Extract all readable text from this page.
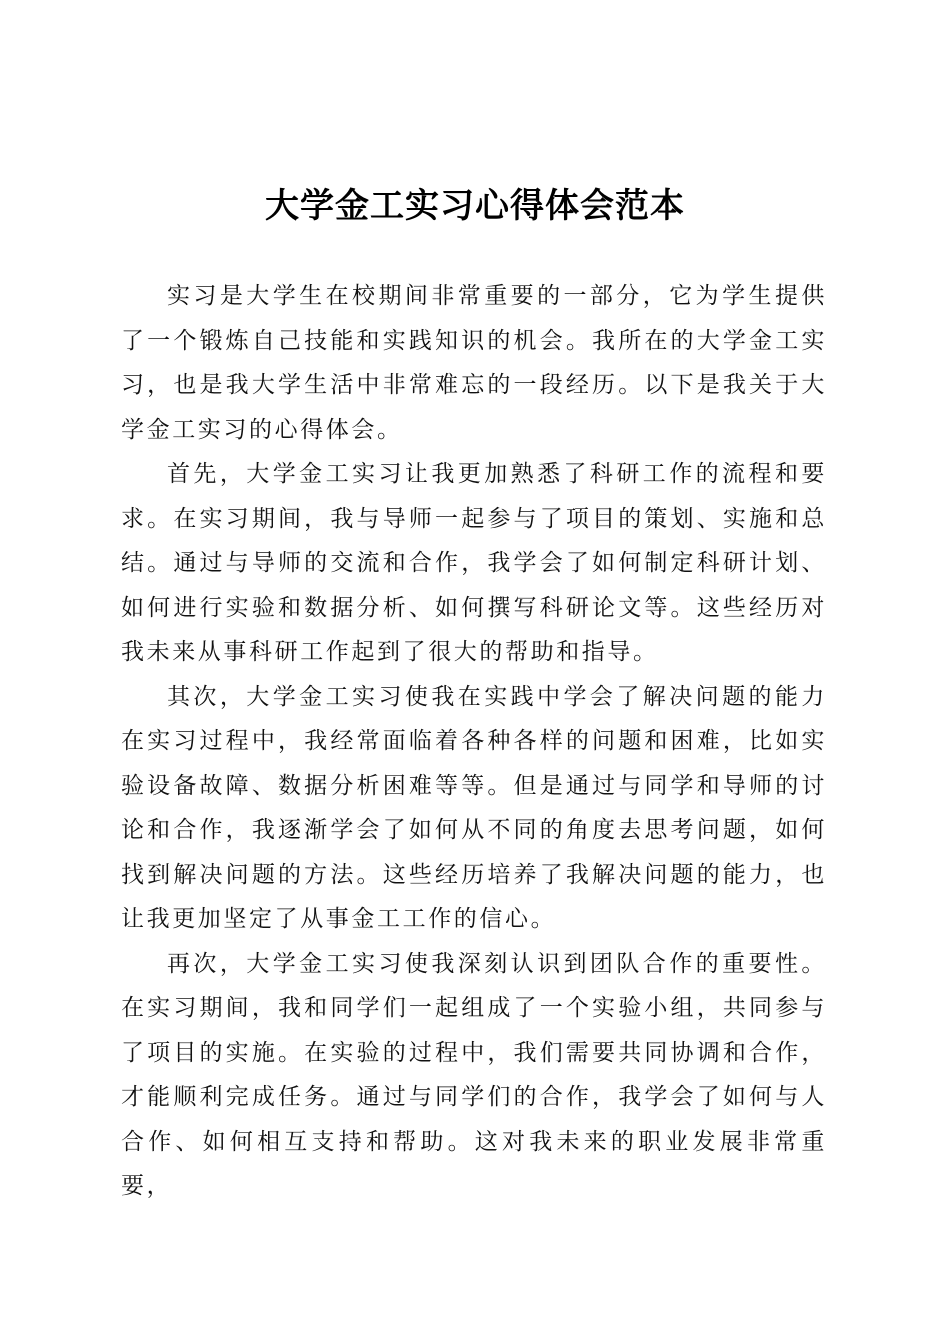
大学金工实习心得体会范本

实习是大学生在校期间非常重要的一部分，它为学生提供了一个锻炼自己技能和实践知识的机会。我所在的大学金工实习，也是我大学生活中非常难忘的一段经历。以下是我关于大学金工实习的心得体会。

首先，大学金工实习让我更加熟悉了科研工作的流程和要求。在实习期间，我与导师一起参与了项目的策划、实施和总结。通过与导师的交流和合作，我学会了如何制定科研计划、如何进行实验和数据分析、如何撰写科研论文等。这些经历对我未来从事科研工作起到了很大的帮助和指导。

其次，大学金工实习使我在实践中学会了解决问题的能力在实习过程中，我经常面临着各种各样的问题和困难，比如实验设备故障、数据分析困难等等。但是通过与同学和导师的讨论和合作，我逐渐学会了如何从不同的角度去思考问题，如何找到解决问题的方法。这些经历培养了我解决问题的能力，也让我更加坚定了从事金工工作的信心。

再次，大学金工实习使我深刻认识到团队合作的重要性。在实习期间，我和同学们一起组成了一个实验小组，共同参与了项目的实施。在实验的过程中，我们需要共同协调和合作，才能顺利完成任务。通过与同学们的合作，我学会了如何与人合作、如何相互支持和帮助。这对我未来的职业发展非常重要，
